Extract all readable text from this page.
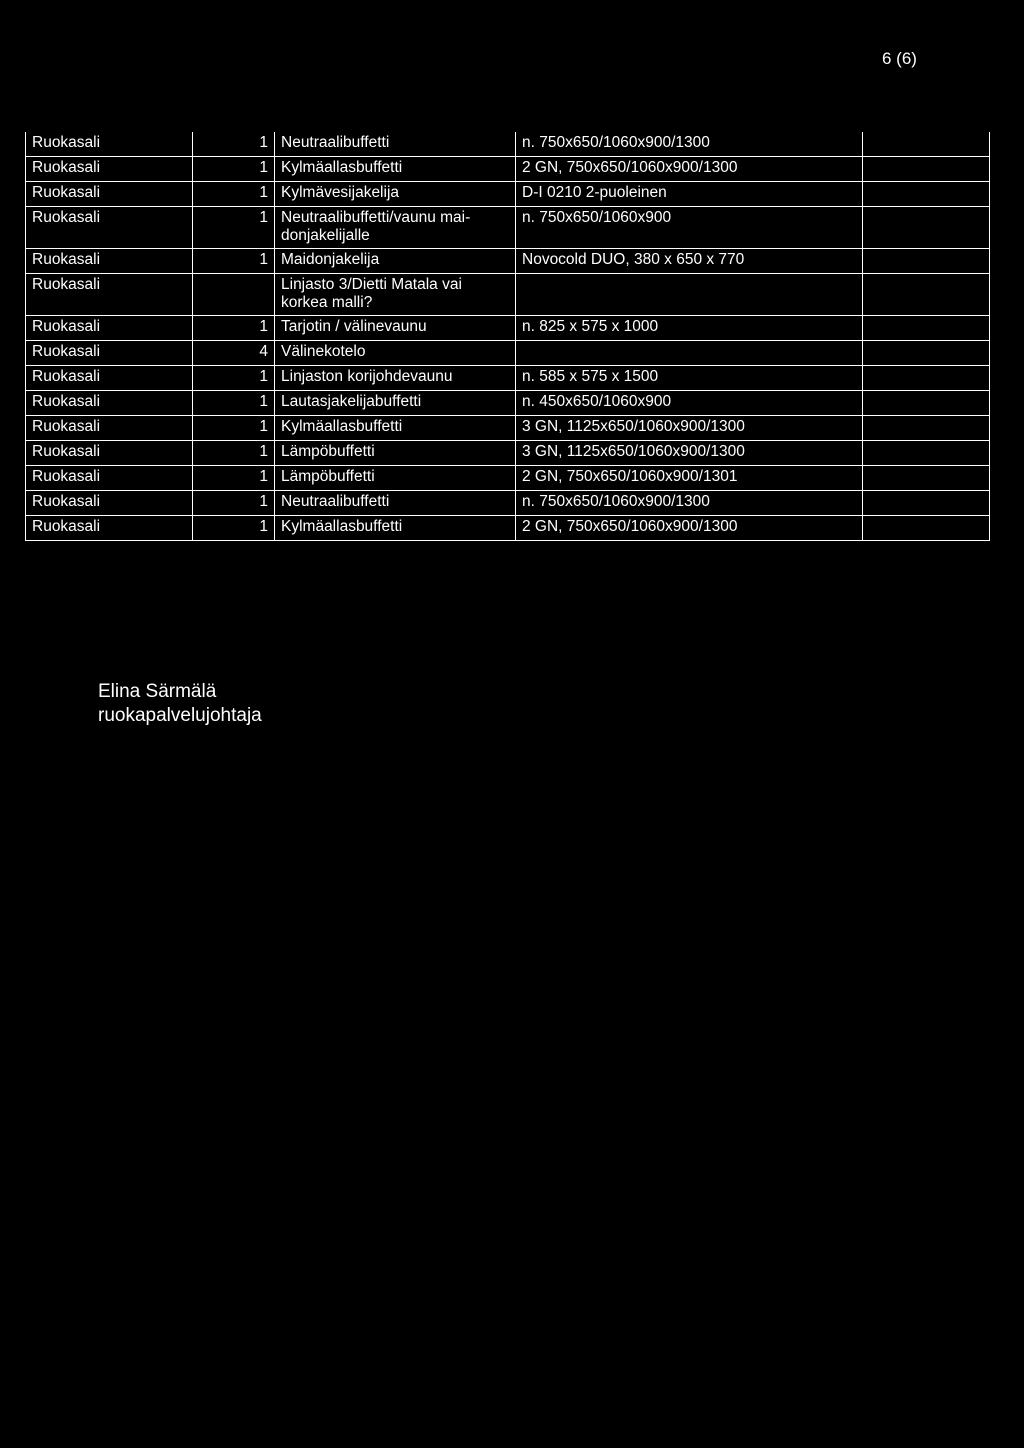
6 (6)
Ruokasali	1	Neutraalibuffetti	n. 750x650/1060x900/1300	
Ruokasali	1	Kylmäallasbuffetti	2 GN, 750x650/1060x900/1300	
Ruokasali	1	Kylmävesijakelija	D-I 0210 2-puoleinen	
Ruokasali	1	Neutraalibuffetti/vaunu mai-donjakelijalle	n. 750x650/1060x900	
Ruokasali	1	Maidonjakelija	Novocold DUO, 380 x 650 x 770	
Ruokasali		Linjasto 3/Dietti Matala vai korkea malli?		
Ruokasali	1	Tarjotin / välinevaunu	n. 825 x 575 x 1000	
Ruokasali	4	Välinekotelo		
Ruokasali	1	Linjaston korijohdevaunu	n. 585 x 575 x 1500	
Ruokasali	1	Lautasjakelijabuffetti	n. 450x650/1060x900	
Ruokasali	1	Kylmäallasbuffetti	3 GN, 1125x650/1060x900/1300	
Ruokasali	1	Lämpöbuffetti	3 GN, 1125x650/1060x900/1300	
Ruokasali	1	Lämpöbuffetti	2 GN, 750x650/1060x900/1301	
Ruokasali	1	Neutraalibuffetti	n. 750x650/1060x900/1300	
Ruokasali	1	Kylmäallasbuffetti	2 GN, 750x650/1060x900/1300	
Elina Särmälä
ruokapalvelujohtaja
